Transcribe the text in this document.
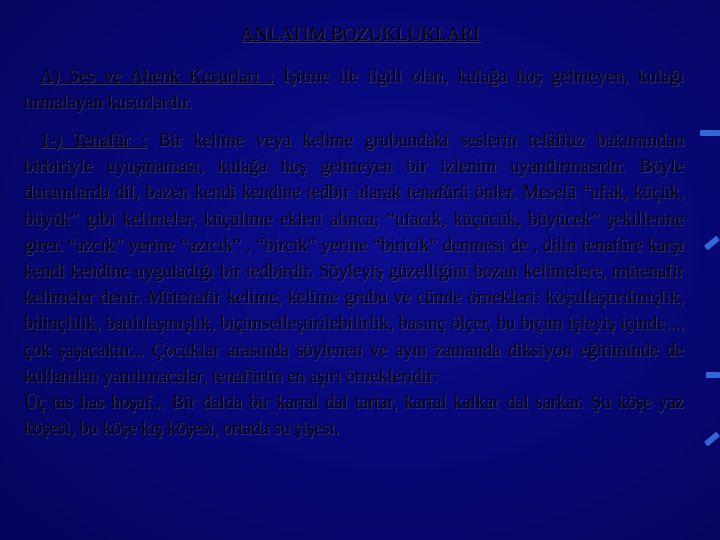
ANLATIM BOZUKLUKLARI
A) Ses ve Ahenk Kusurları : İşitme ile ilgili olan, kulağa hoş gelmeyen, kulağı tırmalayan kusurlardır.
1-) Tenafür : Bir kelime veya kelime grubundaki seslerin telâffuz bakımından birbiriyle uyuşmaması, kulağa hoş gelmeyen bir izlenim uyandırmasıdır. Böyle durumlarda dil, bazen kendi kendine tedbir alarak tenafürü önler. Meselâ “ufak, küçük, büyük” gibi kelimeler, küçültme ekleri alınca; “ufacık, küçücük, büyücek” şekillerine girer. “azcık” yerine “azıcık” , “bircik” yerine “biricik” denmesi de , dilin tenafüre karşı kendi kendine uyguladığı bir tedbirdir. Söyleyiş güzelliğini bozan kelimelere, mütenafir kelimeler denir. Mütenafir kelime, kelime grubu ve cümle örnekleri: koşullaştırılmışlık, bilinçlilik, batılılaşmışlık, biçimselleştirilebilirlik, basınç ölçer, bu biçim işleyiş içinde..., çok şaşacaktır... Çocuklar arasında söylenen ve aynı zamanda diksiyon eğitiminde de kullanılan yanıltmacalar, tenafürün en aşırı örnekleridir:
Üç tas has hoşaf... Bir dalda bir kartal dal tartar, kartal kalkar dal sarkar. Şu köşe yaz köşesi, bu köşe kış köşesi, ortada su şişesi.
